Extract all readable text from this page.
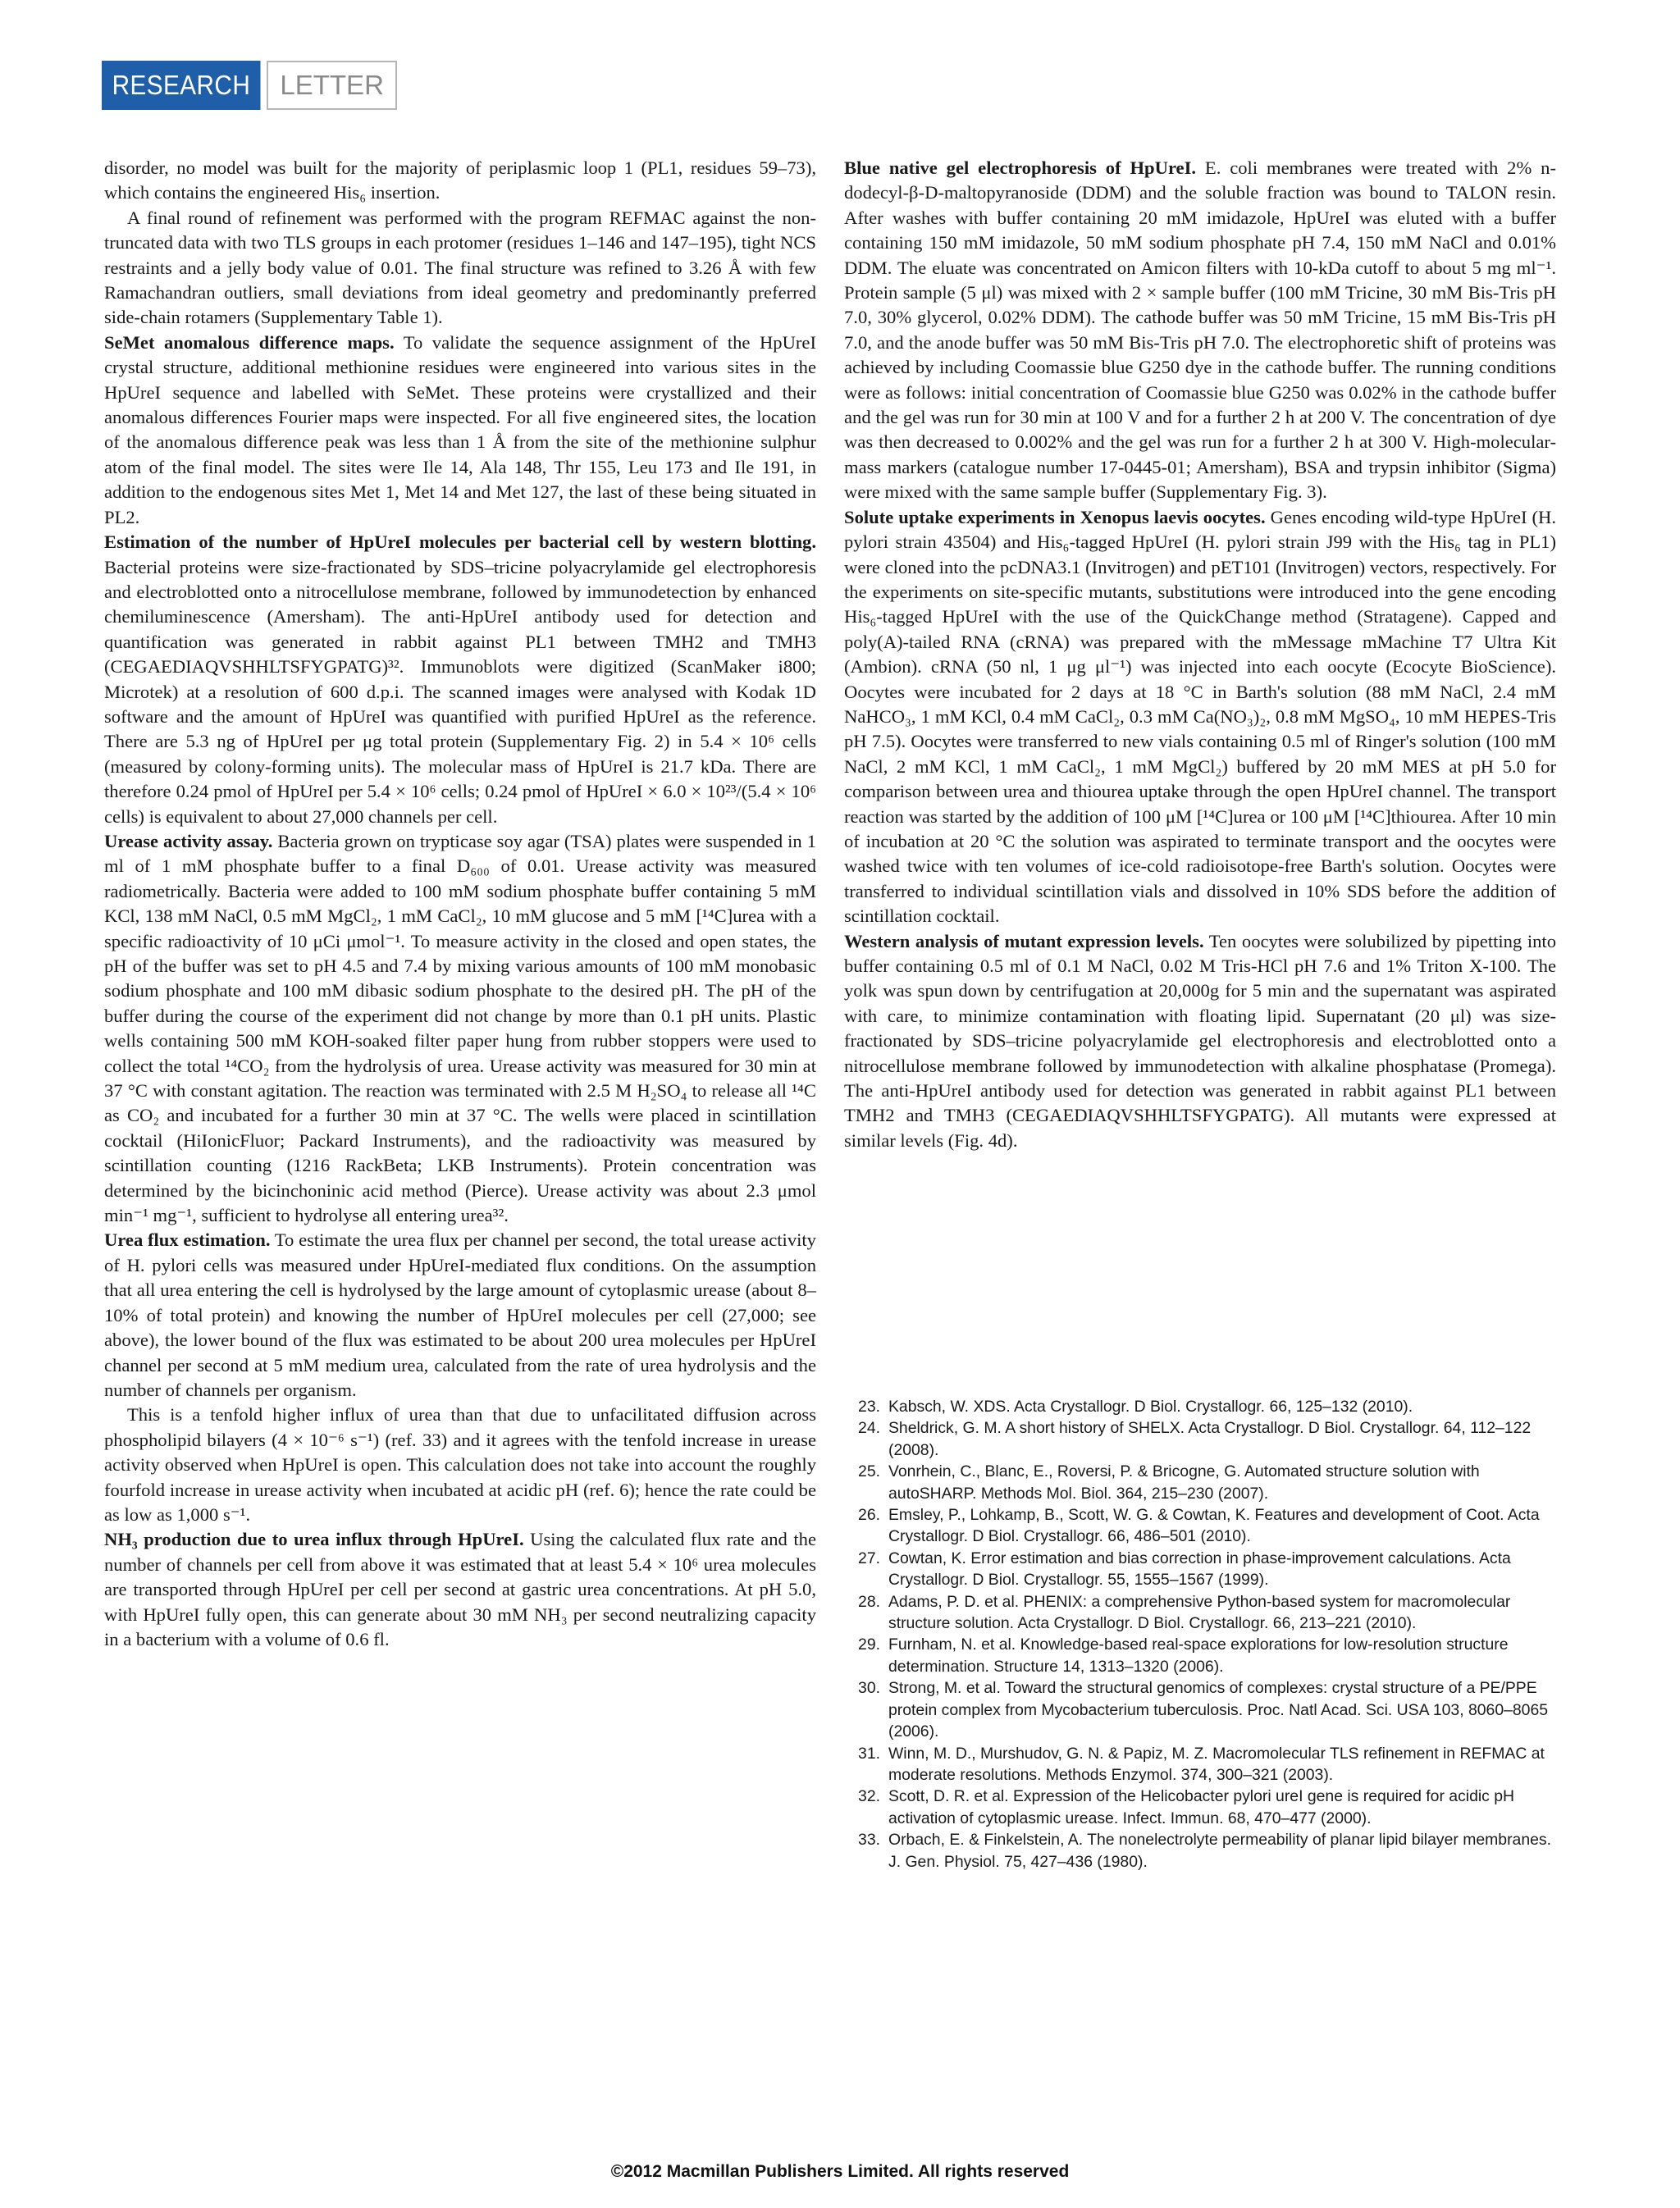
RESEARCH	LETTER

disorder, no model was built for the majority of periplasmic loop 1 (PL1, residues 59–73), which contains the engineered His₆ insertion.

A final round of refinement was performed with the program REFMAC against the non-truncated data with two TLS groups in each protomer (residues 1–146 and 147–195), tight NCS restraints and a jelly body value of 0.01. The final structure was refined to 3.26 Å with few Ramachandran outliers, small deviations from ideal geometry and predominantly preferred side-chain rotamers (Supplementary Table 1).

SeMet anomalous difference maps. To validate the sequence assignment of the HpUreI crystal structure, additional methionine residues were engineered into various sites in the HpUreI sequence and labelled with SeMet. These proteins were crystallized and their anomalous differences Fourier maps were inspected. For all five engineered sites, the location of the anomalous difference peak was less than 1 Å from the site of the methionine sulphur atom of the final model. The sites were Ile 14, Ala 148, Thr 155, Leu 173 and Ile 191, in addition to the endogenous sites Met 1, Met 14 and Met 127, the last of these being situated in PL2.

Estimation of the number of HpUreI molecules per bacterial cell by western blotting. Bacterial proteins were size-fractionated by SDS–tricine polyacrylamide gel electrophoresis and electroblotted onto a nitrocellulose membrane, followed by immunodetection by enhanced chemiluminescence (Amersham). The anti-HpUreI antibody used for detection and quantification was generated in rabbit against PL1 between TMH2 and TMH3 (CEGAEDIAQVSHHLTSFYGPATG)³². Immunoblots were digitized (ScanMaker i800; Microtek) at a resolution of 600 d.p.i. The scanned images were analysed with Kodak 1D software and the amount of HpUreI was quantified with purified HpUreI as the reference. There are 5.3 ng of HpUreI per μg total protein (Supplementary Fig. 2) in 5.4 × 10⁶ cells (measured by colony-forming units). The molecular mass of HpUreI is 21.7 kDa. There are therefore 0.24 pmol of HpUreI per 5.4 × 10⁶ cells; 0.24 pmol of HpUreI × 6.0 × 10²³/(5.4 × 10⁶ cells) is equivalent to about 27,000 channels per cell.

Urease activity assay. Bacteria grown on trypticase soy agar (TSA) plates were suspended in 1 ml of 1 mM phosphate buffer to a final D₆₀₀ of 0.01. Urease activity was measured radiometrically. Bacteria were added to 100 mM sodium phosphate buffer containing 5 mM KCl, 138 mM NaCl, 0.5 mM MgCl₂, 1 mM CaCl₂, 10 mM glucose and 5 mM [¹⁴C]urea with a specific radioactivity of 10 μCi μmol⁻¹. To measure activity in the closed and open states, the pH of the buffer was set to pH 4.5 and 7.4 by mixing various amounts of 100 mM monobasic sodium phosphate and 100 mM dibasic sodium phosphate to the desired pH. The pH of the buffer during the course of the experiment did not change by more than 0.1 pH units. Plastic wells containing 500 mM KOH-soaked filter paper hung from rubber stoppers were used to collect the total ¹⁴CO₂ from the hydrolysis of urea. Urease activity was measured for 30 min at 37 °C with constant agitation. The reaction was terminated with 2.5 M H₂SO₄ to release all ¹⁴C as CO₂ and incubated for a further 30 min at 37 °C. The wells were placed in scintillation cocktail (HiIonicFluor; Packard Instruments), and the radioactivity was measured by scintillation counting (1216 RackBeta; LKB Instruments). Protein concentration was determined by the bicinchoninic acid method (Pierce). Urease activity was about 2.3 μmol min⁻¹ mg⁻¹, sufficient to hydrolyse all entering urea³².

Urea flux estimation. To estimate the urea flux per channel per second, the total urease activity of H. pylori cells was measured under HpUreI-mediated flux conditions. On the assumption that all urea entering the cell is hydrolysed by the large amount of cytoplasmic urease (about 8–10% of total protein) and knowing the number of HpUreI molecules per cell (27,000; see above), the lower bound of the flux was estimated to be about 200 urea molecules per HpUreI channel per second at 5 mM medium urea, calculated from the rate of urea hydrolysis and the number of channels per organism.

This is a tenfold higher influx of urea than that due to unfacilitated diffusion across phospholipid bilayers (4 × 10⁻⁶ s⁻¹) (ref. 33) and it agrees with the tenfold increase in urease activity observed when HpUreI is open. This calculation does not take into account the roughly fourfold increase in urease activity when incubated at acidic pH (ref. 6); hence the rate could be as low as 1,000 s⁻¹.

NH₃ production due to urea influx through HpUreI. Using the calculated flux rate and the number of channels per cell from above it was estimated that at least 5.4 × 10⁶ urea molecules are transported through HpUreI per cell per second at gastric urea concentrations. At pH 5.0, with HpUreI fully open, this can generate about 30 mM NH₃ per second neutralizing capacity in a bacterium with a volume of 0.6 fl.

Blue native gel electrophoresis of HpUreI. E. coli membranes were treated with 2% n-dodecyl-β-D-maltopyranoside (DDM) and the soluble fraction was bound to TALON resin. After washes with buffer containing 20 mM imidazole, HpUreI was eluted with a buffer containing 150 mM imidazole, 50 mM sodium phosphate pH 7.4, 150 mM NaCl and 0.01% DDM. The eluate was concentrated on Amicon filters with 10-kDa cutoff to about 5 mg ml⁻¹. Protein sample (5 μl) was mixed with 2 × sample buffer (100 mM Tricine, 30 mM Bis-Tris pH 7.0, 30% glycerol, 0.02% DDM). The cathode buffer was 50 mM Tricine, 15 mM Bis-Tris pH 7.0, and the anode buffer was 50 mM Bis-Tris pH 7.0. The electrophoretic shift of proteins was achieved by including Coomassie blue G250 dye in the cathode buffer. The running conditions were as follows: initial concentration of Coomassie blue G250 was 0.02% in the cathode buffer and the gel was run for 30 min at 100 V and for a further 2 h at 200 V. The concentration of dye was then decreased to 0.002% and the gel was run for a further 2 h at 300 V. High-molecular-mass markers (catalogue number 17-0445-01; Amersham), BSA and trypsin inhibitor (Sigma) were mixed with the same sample buffer (Supplementary Fig. 3).

Solute uptake experiments in Xenopus laevis oocytes. Genes encoding wild-type HpUreI (H. pylori strain 43504) and His₆-tagged HpUreI (H. pylori strain J99 with the His₆ tag in PL1) were cloned into the pcDNA3.1 (Invitrogen) and pET101 (Invitrogen) vectors, respectively. For the experiments on site-specific mutants, substitutions were introduced into the gene encoding His₆-tagged HpUreI with the use of the QuickChange method (Stratagene). Capped and poly(A)-tailed RNA (cRNA) was prepared with the mMessage mMachine T7 Ultra Kit (Ambion). cRNA (50 nl, 1 μg μl⁻¹) was injected into each oocyte (Ecocyte BioScience). Oocytes were incubated for 2 days at 18 °C in Barth's solution (88 mM NaCl, 2.4 mM NaHCO₃, 1 mM KCl, 0.4 mM CaCl₂, 0.3 mM Ca(NO₃)₂, 0.8 mM MgSO₄, 10 mM HEPES-Tris pH 7.5). Oocytes were transferred to new vials containing 0.5 ml of Ringer's solution (100 mM NaCl, 2 mM KCl, 1 mM CaCl₂, 1 mM MgCl₂) buffered by 20 mM MES at pH 5.0 for comparison between urea and thiourea uptake through the open HpUreI channel. The transport reaction was started by the addition of 100 μM [¹⁴C]urea or 100 μM [¹⁴C]thiourea. After 10 min of incubation at 20 °C the solution was aspirated to terminate transport and the oocytes were washed twice with ten volumes of ice-cold radioisotope-free Barth's solution. Oocytes were transferred to individual scintillation vials and dissolved in 10% SDS before the addition of scintillation cocktail.

Western analysis of mutant expression levels. Ten oocytes were solubilized by pipetting into buffer containing 0.5 ml of 0.1 M NaCl, 0.02 M Tris-HCl pH 7.6 and 1% Triton X-100. The yolk was spun down by centrifugation at 20,000g for 5 min and the supernatant was aspirated with care, to minimize contamination with floating lipid. Supernatant (20 μl) was size-fractionated by SDS–tricine polyacrylamide gel electrophoresis and electroblotted onto a nitrocellulose membrane followed by immunodetection with alkaline phosphatase (Promega). The anti-HpUreI antibody used for detection was generated in rabbit against PL1 between TMH2 and TMH3 (CEGAEDIAQVSHHLTSFYGPATG). All mutants were expressed at similar levels (Fig. 4d).

23. Kabsch, W. XDS. Acta Crystallogr. D Biol. Crystallogr. 66, 125–132 (2010).
24. Sheldrick, G. M. A short history of SHELX. Acta Crystallogr. D Biol. Crystallogr. 64, 112–122 (2008).
25. Vonrhein, C., Blanc, E., Roversi, P. & Bricogne, G. Automated structure solution with autoSHARP. Methods Mol. Biol. 364, 215–230 (2007).
26. Emsley, P., Lohkamp, B., Scott, W. G. & Cowtan, K. Features and development of Coot. Acta Crystallogr. D Biol. Crystallogr. 66, 486–501 (2010).
27. Cowtan, K. Error estimation and bias correction in phase-improvement calculations. Acta Crystallogr. D Biol. Crystallogr. 55, 1555–1567 (1999).
28. Adams, P. D. et al. PHENIX: a comprehensive Python-based system for macromolecular structure solution. Acta Crystallogr. D Biol. Crystallogr. 66, 213–221 (2010).
29. Furnham, N. et al. Knowledge-based real-space explorations for low-resolution structure determination. Structure 14, 1313–1320 (2006).
30. Strong, M. et al. Toward the structural genomics of complexes: crystal structure of a PE/PPE protein complex from Mycobacterium tuberculosis. Proc. Natl Acad. Sci. USA 103, 8060–8065 (2006).
31. Winn, M. D., Murshudov, G. N. & Papiz, M. Z. Macromolecular TLS refinement in REFMAC at moderate resolutions. Methods Enzymol. 374, 300–321 (2003).
32. Scott, D. R. et al. Expression of the Helicobacter pylori ureI gene is required for acidic pH activation of cytoplasmic urease. Infect. Immun. 68, 470–477 (2000).
33. Orbach, E. & Finkelstein, A. The nonelectrolyte permeability of planar lipid bilayer membranes. J. Gen. Physiol. 75, 427–436 (1980).
©2012 Macmillan Publishers Limited. All rights reserved
